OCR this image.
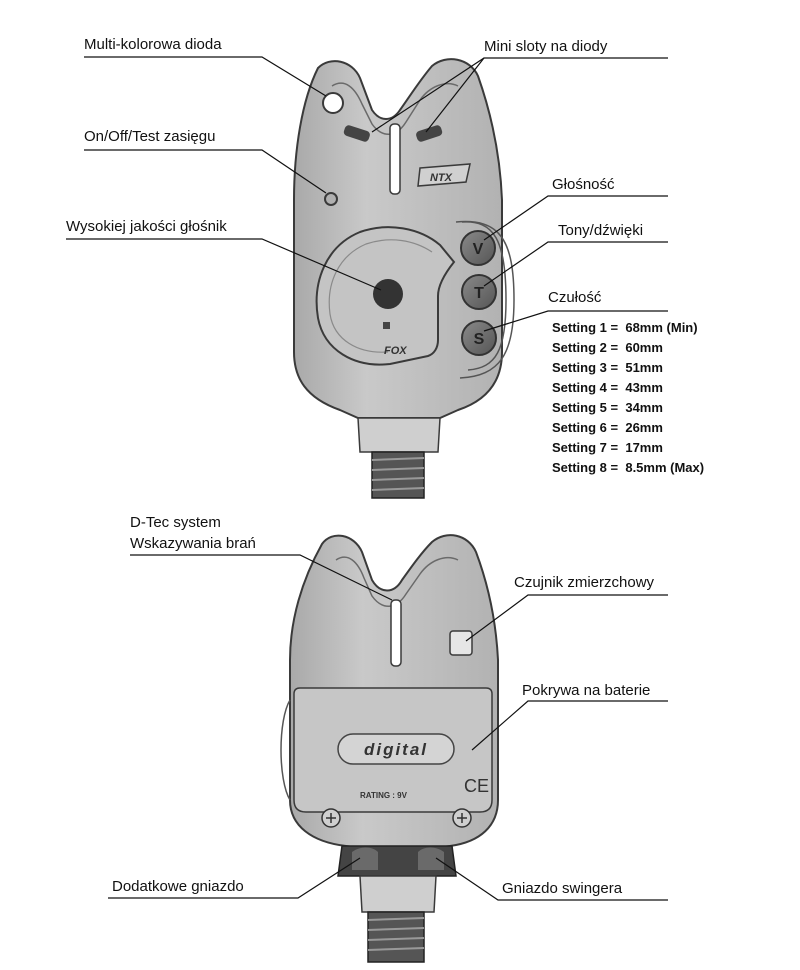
NTX
FOX
V
T
S
digital
RATING : 9V	CE
Multi-kolorowa dioda	Mini sloty na diody
On/Off/Test zasięgu
Głośność
Wysokiej jakości głośnik	Tony/dźwięki
Czułość
Setting 1 =  68mm (Min)
Setting 2 =  60mm
Setting 3 =  51mm
Setting 4 =  43mm
Setting 5 =  34mm
Setting 6 =  26mm
Setting 7 =  17mm
Setting 8 =  8.5mm (Max)
D-Tec system
Wskazywania brań
Czujnik zmierzchowy
Pokrywa na baterie
Dodatkowe gniazdo	Gniazdo swingera
